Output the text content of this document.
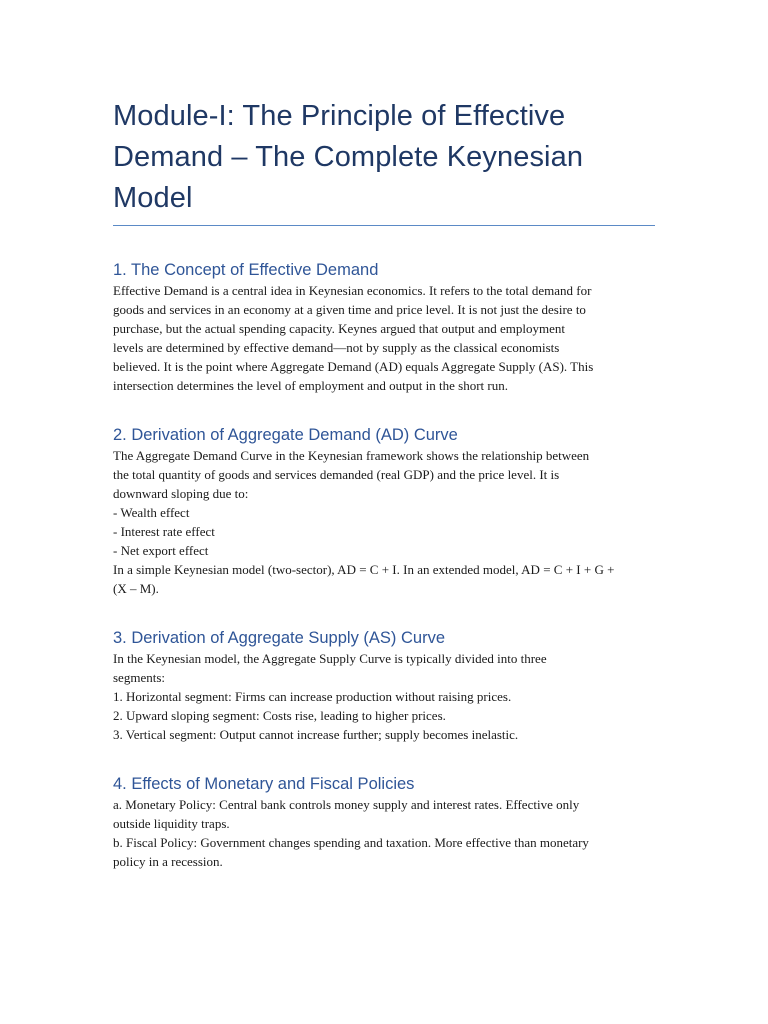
Module-I: The Principle of Effective
Demand – The Complete Keynesian
Model
1. The Concept of Effective Demand

Effective Demand is a central idea in Keynesian economics. It refers to the total demand for
goods and services in an economy at a given time and price level. It is not just the desire to
purchase, but the actual spending capacity. Keynes argued that output and employment
levels are determined by effective demand—not by supply as the classical economists
believed. It is the point where Aggregate Demand (AD) equals Aggregate Supply (AS). This
intersection determines the level of employment and output in the short run.

2. Derivation of Aggregate Demand (AD) Curve

The Aggregate Demand Curve in the Keynesian framework shows the relationship between
the total quantity of goods and services demanded (real GDP) and the price level. It is
downward sloping due to:
- Wealth effect
- Interest rate effect
- Net export effect
In a simple Keynesian model (two-sector), AD = C + I. In an extended model, AD = C + I + G +
(X – M).

3. Derivation of Aggregate Supply (AS) Curve

In the Keynesian model, the Aggregate Supply Curve is typically divided into three
segments:
1. Horizontal segment: Firms can increase production without raising prices.
2. Upward sloping segment: Costs rise, leading to higher prices.
3. Vertical segment: Output cannot increase further; supply becomes inelastic.

4. Effects of Monetary and Fiscal Policies

a. Monetary Policy: Central bank controls money supply and interest rates. Effective only
outside liquidity traps.
b. Fiscal Policy: Government changes spending and taxation. More effective than monetary
policy in a recession.
